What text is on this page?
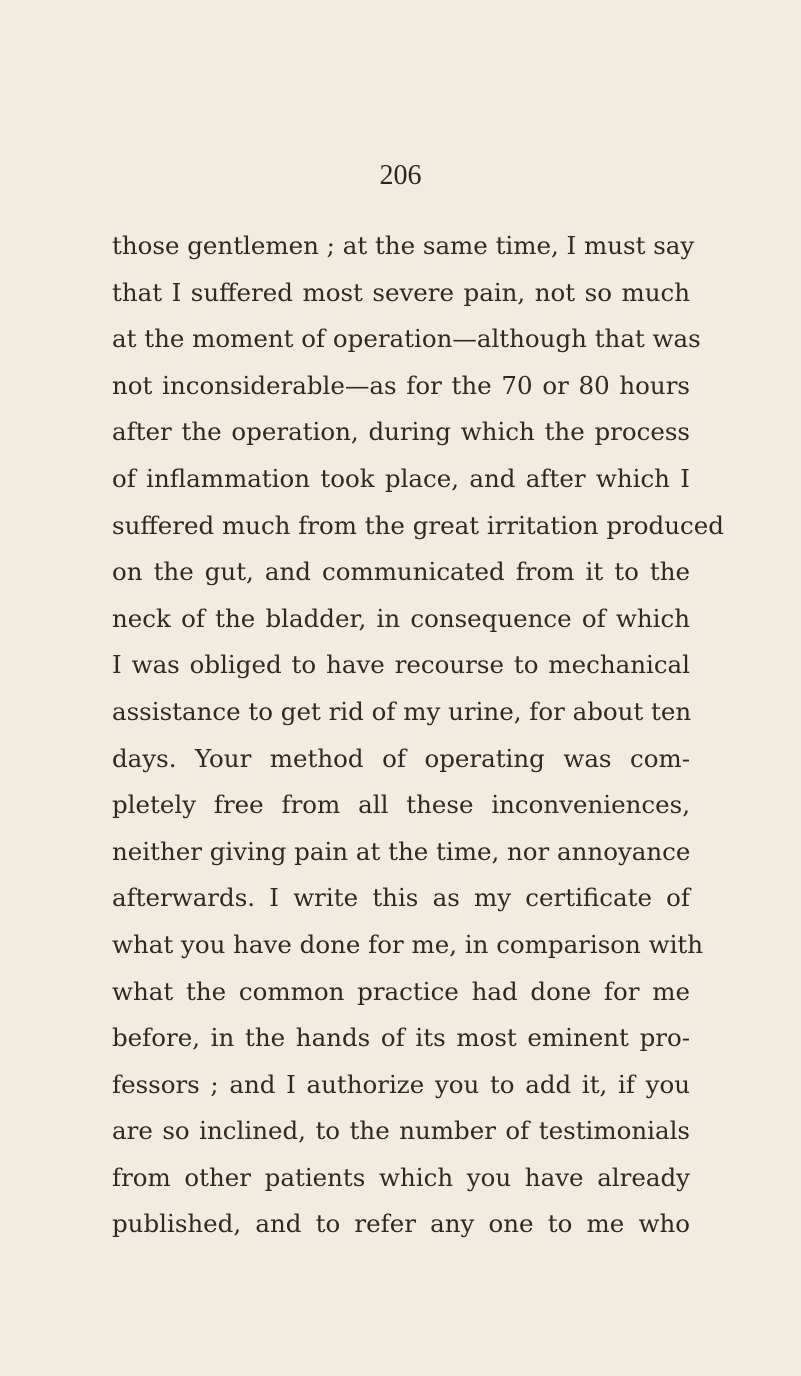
206
those gentlemen ; at the same time, I must say
that I suffered most severe pain, not so much
at the moment of operation—although that was
not inconsiderable—as for the 70 or 80 hours
after the operation, during which the process
of inflammation took place, and after which I
suffered much from the great irritation produced
on the gut, and communicated from it to the
neck of the bladder, in consequence of which
I was obliged to have recourse to mechanical
assistance to get rid of my urine, for about ten
days. Your method of operating was com-
pletely free from all these inconveniences,
neither giving pain at the time, nor annoyance
afterwards. I write this as my certificate of
what you have done for me, in comparison with
what the common practice had done for me
before, in the hands of its most eminent pro-
fessors ; and I authorize you to add it, if you
are so inclined, to the number of testimonials
from other patients which you have already
published, and to refer any one to me who
